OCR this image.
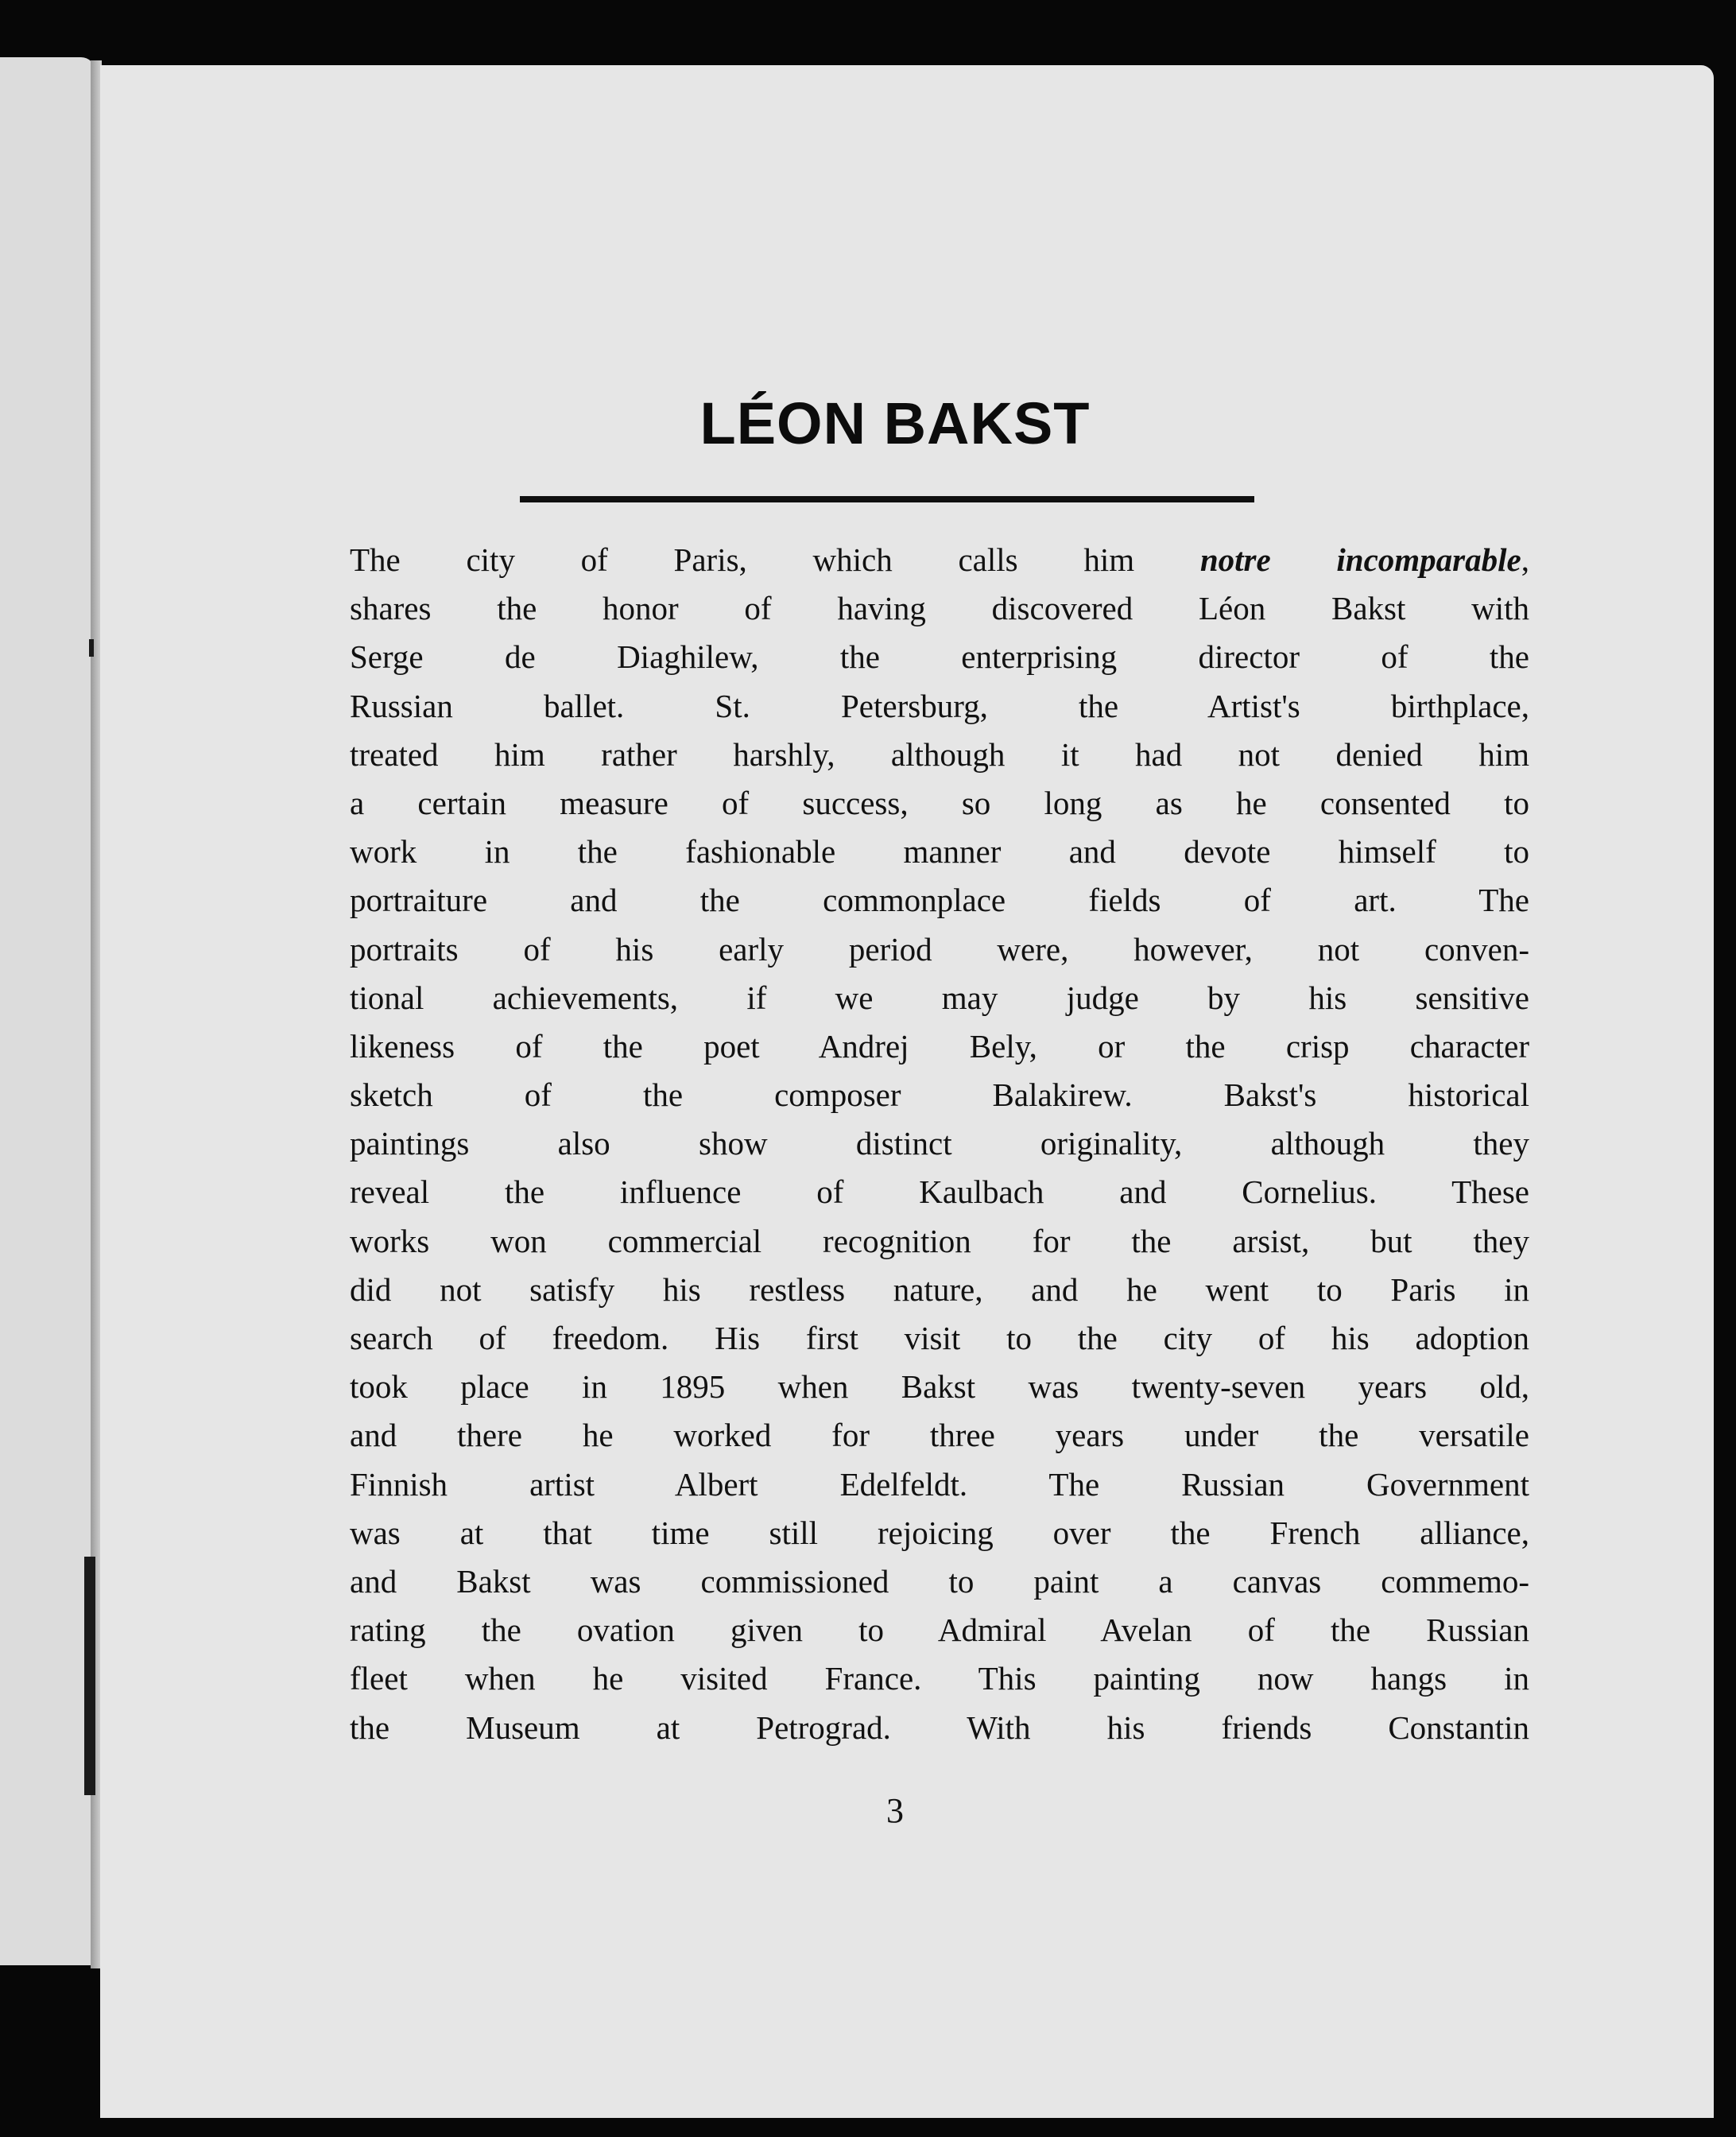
LÉON BAKST
The city of Paris, which calls him notre incomparable,
shares the honor of having discovered Léon Bakst with
Serge de Diaghilew, the enterprising director of the
Russian ballet. St. Petersburg, the Artist's birthplace,
treated him rather harshly, although it had not denied him
a certain measure of success, so long as he consented to
work in the fashionable manner and devote himself to
portraiture and the commonplace fields of art. The
portraits of his early period were, however, not conven-
tional achievements, if we may judge by his sensitive
likeness of the poet Andrej Bely, or the crisp character
sketch of the composer Balakirew. Bakst's historical
paintings also show distinct originality, although they
reveal the influence of Kaulbach and Cornelius. These
works won commercial recognition for the arsist, but they
did not satisfy his restless nature, and he went to Paris in
search of freedom. His first visit to the city of his adoption
took place in 1895 when Bakst was twenty-seven years old,
and there he worked for three years under the versatile
Finnish artist Albert Edelfeldt. The Russian Government
was at that time still rejoicing over the French alliance,
and Bakst was commissioned to paint a canvas commemo-
rating the ovation given to Admiral Avelan of the Russian
fleet when he visited France. This painting now hangs in
the Museum at Petrograd. With his friends Constantin
3
